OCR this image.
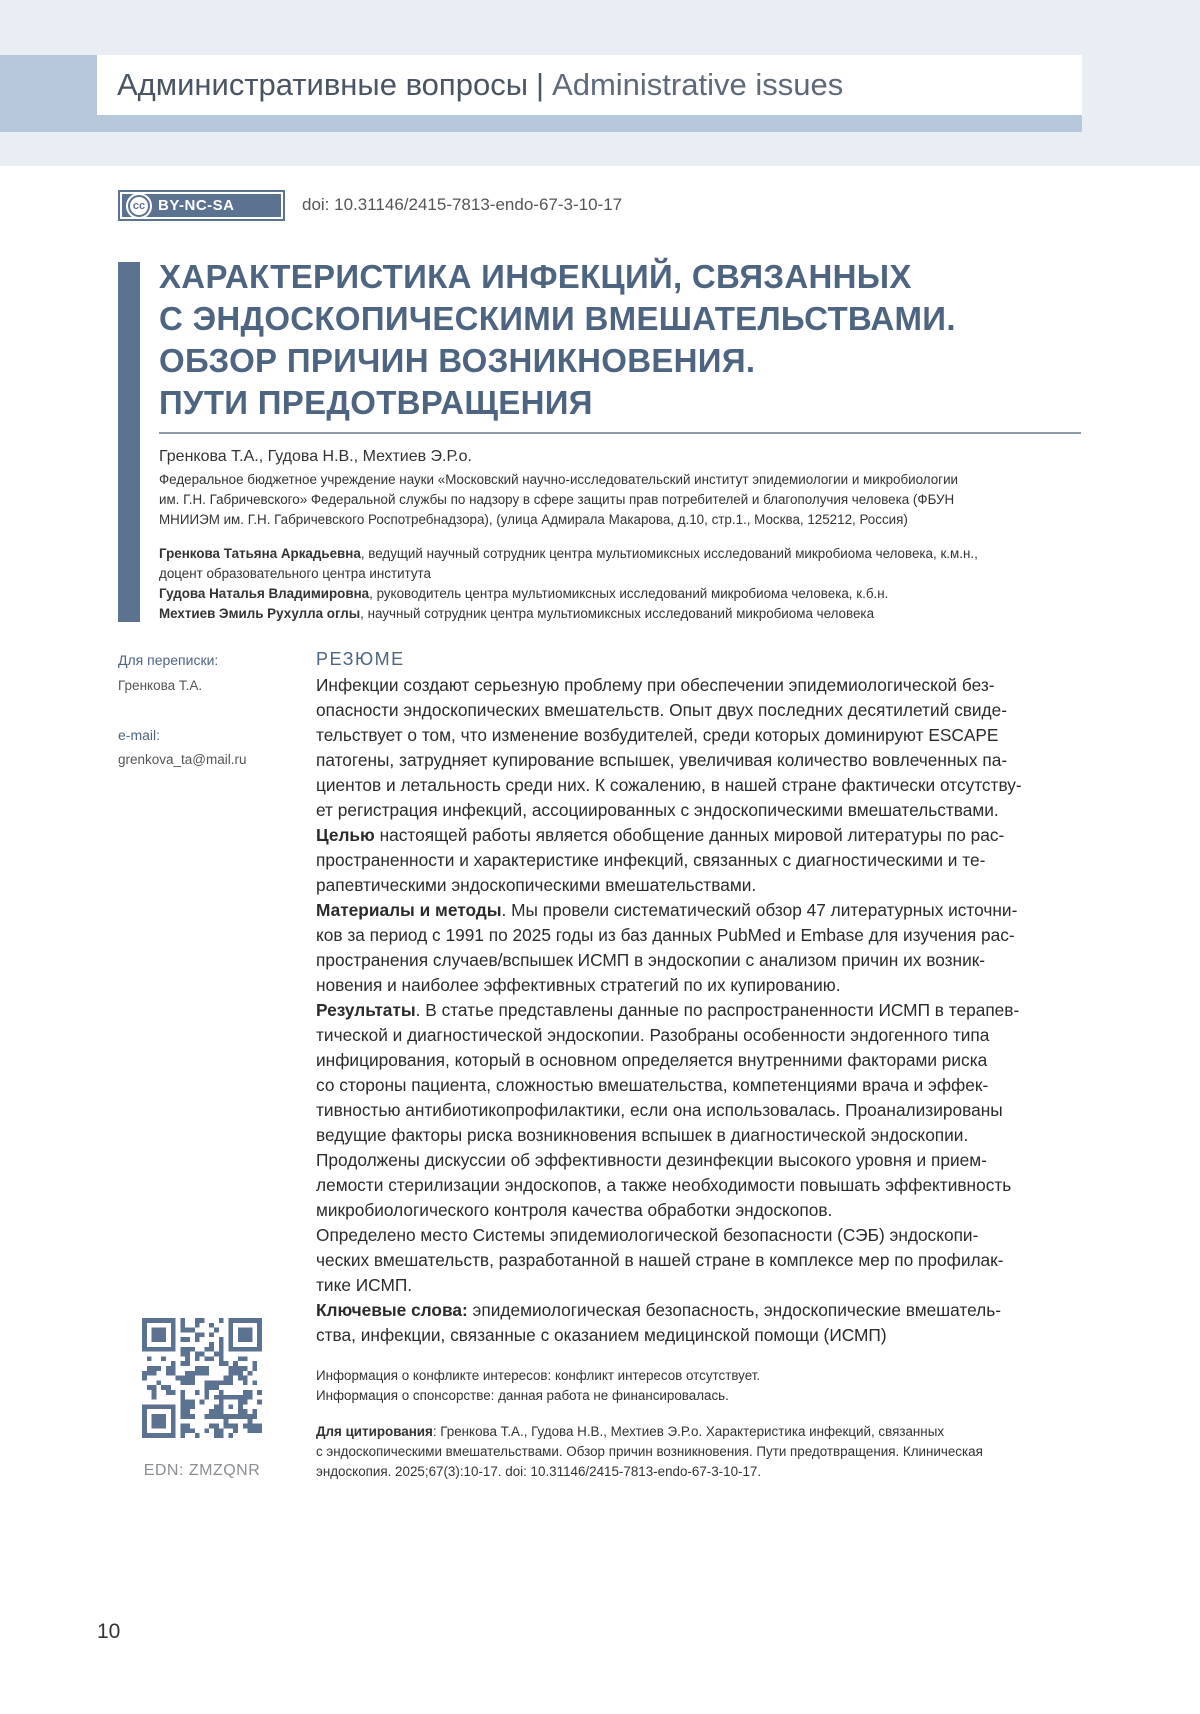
Административные вопросы | Administrative issues
cc BY-NC-SA	doi: 10.31146/2415-7813-endo-67-3-10-17
ХАРАКТЕРИСТИКА ИНФЕКЦИЙ, СВЯЗАННЫХ
С ЭНДОСКОПИЧЕСКИМИ ВМЕШАТЕЛЬСТВАМИ.
ОБЗОР ПРИЧИН ВОЗНИКНОВЕНИЯ.
ПУТИ ПРЕДОТВРАЩЕНИЯ
Гренкова Т.А., Гудова Н.В., Мехтиев Э.Р.о.
Федеральное бюджетное учреждение науки «Московский научно-исследовательский институт эпидемиологии и микробиологии
им. Г.Н. Габричевского» Федеральной службы по надзору в сфере защиты прав потребителей и благополучия человека (ФБУН
МНИИЭМ им. Г.Н. Габричевского Роспотребнадзора), (улица Адмирала Макарова, д.10, стр.1., Москва, 125212, Россия)
Гренкова Татьяна Аркадьевна, ведущий научный сотрудник центра мультиомиксных исследований микробиома человека, к.м.н.,
доцент образовательного центра института
Гудова Наталья Владимировна, руководитель центра мультиомиксных исследований микробиома человека, к.б.н.
Мехтиев Эмиль Рухулла оглы, научный сотрудник центра мультиомиксных исследований микробиома человека
Для переписки:
Гренкова Т.А.
e-mail:
grenkova_ta@mail.ru
РЕЗЮМЕ
Инфекции создают серьезную проблему при обеспечении эпидемиологической без-
опасности эндоскопических вмешательств. Опыт двух последних десятилетий свиде-
тельствует о том, что изменение возбудителей, среди которых доминируют ESCAPE
патогены, затрудняет купирование вспышек, увеличивая количество вовлеченных па-
циентов и летальность среди них. К сожалению, в нашей стране фактически отсутству-
ет регистрация инфекций, ассоциированных с эндоскопическими вмешательствами.
Целью настоящей работы является обобщение данных мировой литературы по рас-
пространенности и характеристике инфекций, связанных с диагностическими и те-
рапевтическими эндоскопическими вмешательствами.
Материалы и методы. Мы провели систематический обзор 47 литературных источни-
ков за период с 1991 по 2025 годы из баз данных PubMed и Embase для изучения рас-
пространения случаев/вспышек ИСМП в эндоскопии с анализом причин их возник-
новения и наиболее эффективных стратегий по их купированию.
Результаты. В статье представлены данные по распространенности ИСМП в терапев-
тической и диагностической эндоскопии. Разобраны особенности эндогенного типа
инфицирования, который в основном определяется внутренними факторами риска
со стороны пациента, сложностью вмешательства, компетенциями врача и эффек-
тивностью антибиотикопрофилактики, если она использовалась. Проанализированы
ведущие факторы риска возникновения вспышек в диагностической эндоскопии.
Продолжены дискуссии об эффективности дезинфекции высокого уровня и прием-
лемости стерилизации эндоскопов, а также необходимости повышать эффективность
микробиологического контроля качества обработки эндоскопов.
Определено место Системы эпидемиологической безопасности (СЭБ) эндоскопи-
ческих вмешательств, разработанной в нашей стране в комплексе мер по профилак-
тике ИСМП.
Ключевые слова: эпидемиологическая безопасность, эндоскопические вмешатель-
ства, инфекции, связанные с оказанием медицинской помощи (ИСМП)
Информация о конфликте интересов: конфликт интересов отсутствует.
Информация о спонсорстве: данная работа не финансировалась.
Для цитирования: Гренкова Т.А., Гудова Н.В., Мехтиев Э.Р.о. Характеристика инфекций, связанных
с эндоскопическими вмешательствами. Обзор причин возникновения. Пути предотвращения. Клиническая
эндоскопия. 2025;67(3):10-17. doi: 10.31146/2415-7813-endo-67-3-10-17.
EDN: ZMZQNR
10
